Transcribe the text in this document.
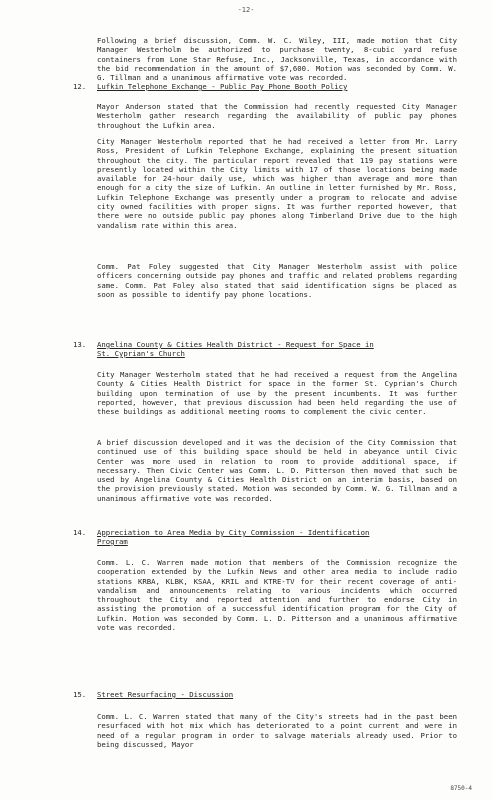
-12-

Following a brief discussion, Comm. W. C. Wiley, III, made motion that City Manager Westerholm be authorized to purchase twenty, 8-cubic yard refuse containers from Lone Star Refuse, Inc., Jacksonville, Texas, in accordance with the bid recommendation in the amount of $7,600. Motion was seconded by Comm. W. G. Tillman and a unanimous affirmative vote was recorded.

12. Lufkin Telephone Exchange - Public Pay Phone Booth Policy

Mayor Anderson stated that the Commission had recently requested City Manager Westerholm gather research regarding the availability of public pay phones throughout the Lufkin area.

City Manager Westerholm reported that he had received a letter from Mr. Larry Ross, President of Lufkin Telephone Exchange, explaining the present situation throughout the city. The particular report revealed that 119 pay stations were presently located within the City limits with 17 of those locations being made available for 24-hour daily use, which was higher than average and more than enough for a city the size of Lufkin. An outline in letter furnished by Mr. Ross, Lufkin Telephone Exchange was presently under a program to relocate and advise city owned facilities with proper signs. It was further reported however, that there were no outside public pay phones along Timberland Drive due to the high vandalism rate within this area.

Comm. Pat Foley suggested that City Manager Westerholm assist with police officers concerning outside pay phones and traffic and related problems regarding same. Comm. Pat Foley also stated that said identification signs be placed as soon as possible to identify pay phone locations.

13. Angelina County & Cities Health District - Request for Space in
St. Cyprian's Church

City Manager Westerholm stated that he had received a request from the Angelina County & Cities Health District for space in the former St. Cyprian's Church building upon termination of use by the present incumbents. It was further reported, however, that previous discussion had been held regarding the use of these buildings as additional meeting rooms to complement the civic center.

A brief discussion developed and it was the decision of the City Commission that continued use of this building space should be held in abeyance until Civic Center was more used in relation to room to provide additional space, if necessary. Then Civic Center was Comm. L. D. Pitterson then moved that such be used by Angelina County & Cities Health District on an interim basis, based on the provision previously stated. Motion was seconded by Comm. W. G. Tillman and a unanimous affirmative vote was recorded.

14. Appreciation to Area Media by City Commission - Identification
Program

Comm. L. C. Warren made motion that members of the Commission recognize the cooperation extended by the Lufkin News and other area media to include radio stations KRBA, KLBK, KSAA, KRIL and KTRE-TV for their recent coverage of anti-vandalism and announcements relating to various incidents which occurred throughout the City and reported attention and further to endorse City in assisting the promotion of a successful identification program for the City of Lufkin. Motion was seconded by Comm. L. D. Pitterson and a unanimous affirmative vote was recorded.

15. Street Resurfacing - Discussion

Comm. L. C. Warren stated that many of the City's streets had in the past been resurfaced with hot mix which has deteriorated to a point current and were in need of a regular program in order to salvage materials already used. Prior to being discussed, Mayor

8750-4
